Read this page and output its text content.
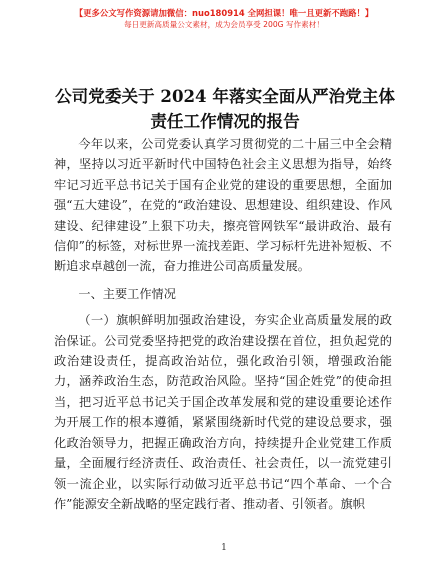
【更多公文写作资源请加微信：nuo180914 全网担课！唯一且更新不跑路！】
每日更新高质量公文素材，成为会员享受 200G 写作素材！
公司党委关于 2024 年落实全面从严治党主体责任工作情况的报告

今年以来，公司党委认真学习贯彻党的二十届三中全会精神，坚持以习近平新时代中国特色社会主义思想为指导，始终牢记习近平总书记关于国有企业党的建设的重要思想，全面加强“五大建设”，在党的“政治建设、思想建设、组织建设、作风建设、纪律建设”上狠下功夫，擦亮管网铁军“最讲政治、最有信仰”的标签，对标世界一流找差距、学习标杆先进补短板、不断追求卓越创一流，奋力推进公司高质量发展。

一、主要工作情况

（一）旗帜鲜明加强政治建设，夯实企业高质量发展的政治保证。公司党委坚持把党的政治建设摆在首位，担负起党的政治建设责任，提高政治站位，强化政治引领，增强政治能力，涵养政治生态，防范政治风险。坚持“国企姓党”的使命担当，把习近平总书记关于国企改革发展和党的建设重要论述作为开展工作的根本遵循，紧紧围绕新时代党的建设总要求，强化政治领导力，把握正确政治方向，持续提升企业党建工作质量，全面履行经济责任、政治责任、社会责任，以一流党建引领一流企业，以实际行动做习近平总书记“四个革命、一个合作”能源安全新战略的坚定践行者、推动者、引领者。旗帜

1
